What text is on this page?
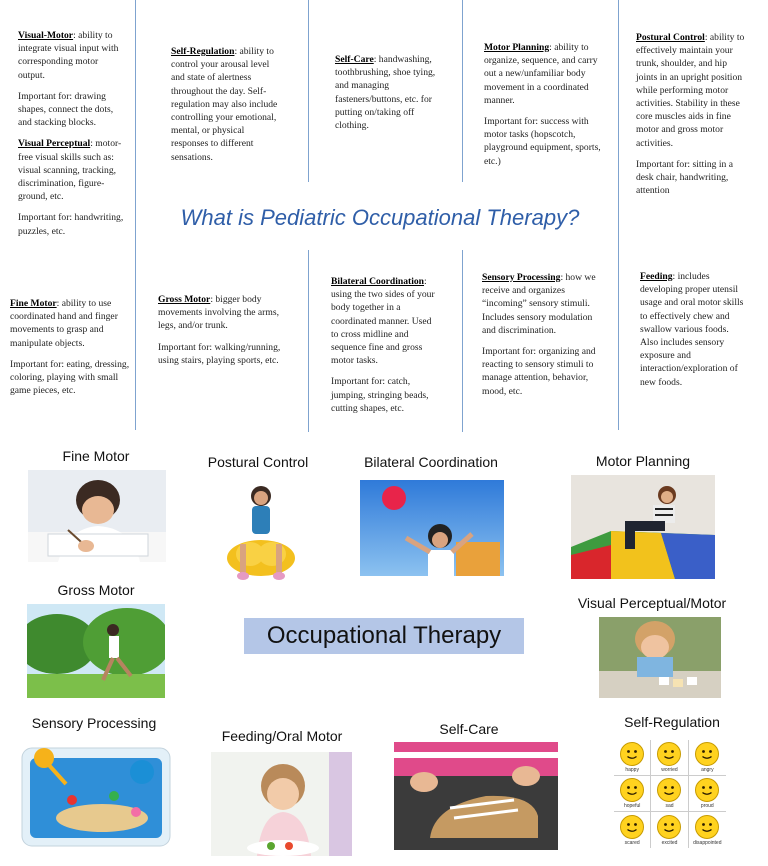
Visual-Motor: ability to integrate visual input with corresponding motor output.

Important for: drawing shapes, connect the dots, and stacking blocks.

Visual Perceptual: motor-free visual skills such as: visual scanning, tracking, discrimination, figure-ground, etc.

Important for: handwriting, puzzles, etc.

Self-Regulation: ability to control your arousal level and state of alertness throughout the day. Self-regulation may also include controlling your emotional, mental, or physical responses to different sensations.

Self-Care: handwashing, toothbrushing, shoe tying, and managing fasteners/buttons, etc. for putting on/taking off clothing.

Motor Planning: ability to organize, sequence, and carry out a new/unfamiliar body movement in a coordinated manner.

Important for: success with motor tasks (hopscotch, playground equipment, sports, etc.)

Postural Control: ability to effectively maintain your trunk, shoulder, and hip joints in an upright position while performing motor activities. Stability in these core muscles aids in fine motor and gross motor activities.

Important for: sitting in a desk chair, handwriting, attention

What is Pediatric Occupational Therapy?

Fine Motor: ability to use coordinated hand and finger movements to grasp and manipulate objects.

Important for: eating, dressing, coloring, playing with small game pieces, etc.

Gross Motor: bigger body movements involving the arms, legs, and/or trunk.

Important for: walking/running, using stairs, playing sports, etc.

Bilateral Coordination: using the two sides of your body together in a coordinated manner. Used to cross midline and sequence fine and gross motor tasks.

Important for: catch, jumping, stringing beads, cutting shapes, etc.

Sensory Processing: how we receive and organizes “incoming” sensory stimuli. Includes sensory modulation and discrimination.

Important for: organizing and reacting to sensory stimuli to manage attention, behavior, mood, etc.

Feeding: includes developing proper utensil usage and oral motor skills to effectively chew and swallow various foods. Also includes sensory exposure and interaction/exploration of new foods.

Fine Motor	Postural Control	Bilateral Coordination	Motor Planning
Gross Motor
Visual Perceptual/Motor
Sensory Processing
Feeding/Oral Motor	Self-Care	Self-Regulation
Occupational Therapy
happy	worried	angry
hopeful	sad	proud
scared	excited	disappointed
